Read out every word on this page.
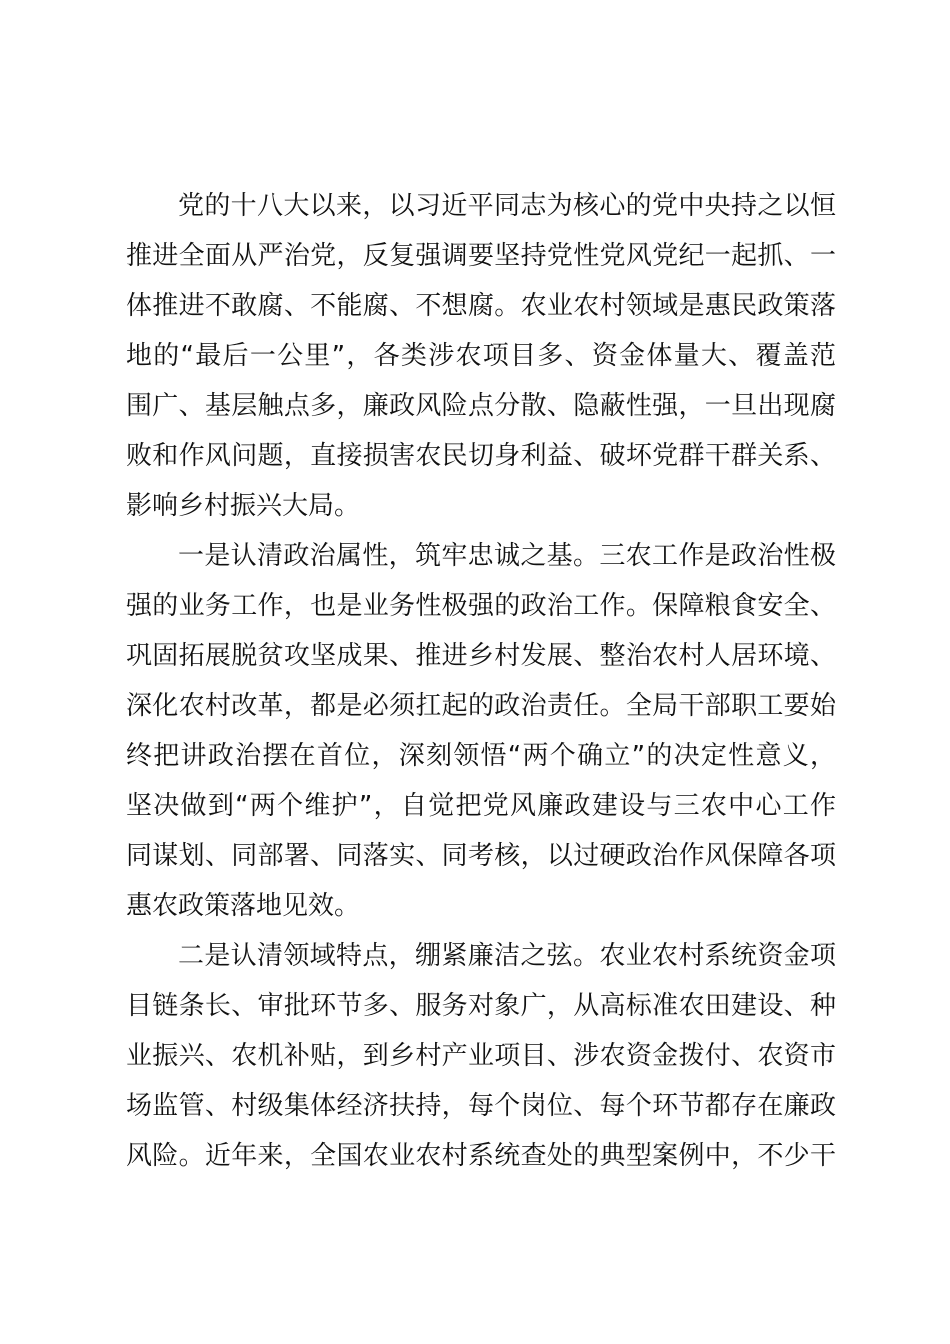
党的十八大以来，以习近平同志为核心的党中央持之以恒
推进全面从严治党，反复强调要坚持党性党风党纪一起抓、一
体推进不敢腐、不能腐、不想腐。农业农村领域是惠民政策落
地的“最后一公里”，各类涉农项目多、资金体量大、覆盖范
围广、基层触点多，廉政风险点分散、隐蔽性强，一旦出现腐
败和作风问题，直接损害农民切身利益、破坏党群干群关系、
影响乡村振兴大局。
一是认清政治属性，筑牢忠诚之基。三农工作是政治性极
强的业务工作，也是业务性极强的政治工作。保障粮食安全、
巩固拓展脱贫攻坚成果、推进乡村发展、整治农村人居环境、
深化农村改革，都是必须扛起的政治责任。全局干部职工要始
终把讲政治摆在首位，深刻领悟“两个确立”的决定性意义，
坚决做到“两个维护”，自觉把党风廉政建设与三农中心工作
同谋划、同部署、同落实、同考核，以过硬政治作风保障各项
惠农政策落地见效。
二是认清领域特点，绷紧廉洁之弦。农业农村系统资金项
目链条长、审批环节多、服务对象广，从高标准农田建设、种
业振兴、农机补贴，到乡村产业项目、涉农资金拨付、农资市
场监管、村级集体经济扶持，每个岗位、每个环节都存在廉政
风险。近年来，全国农业农村系统查处的典型案例中，不少干
